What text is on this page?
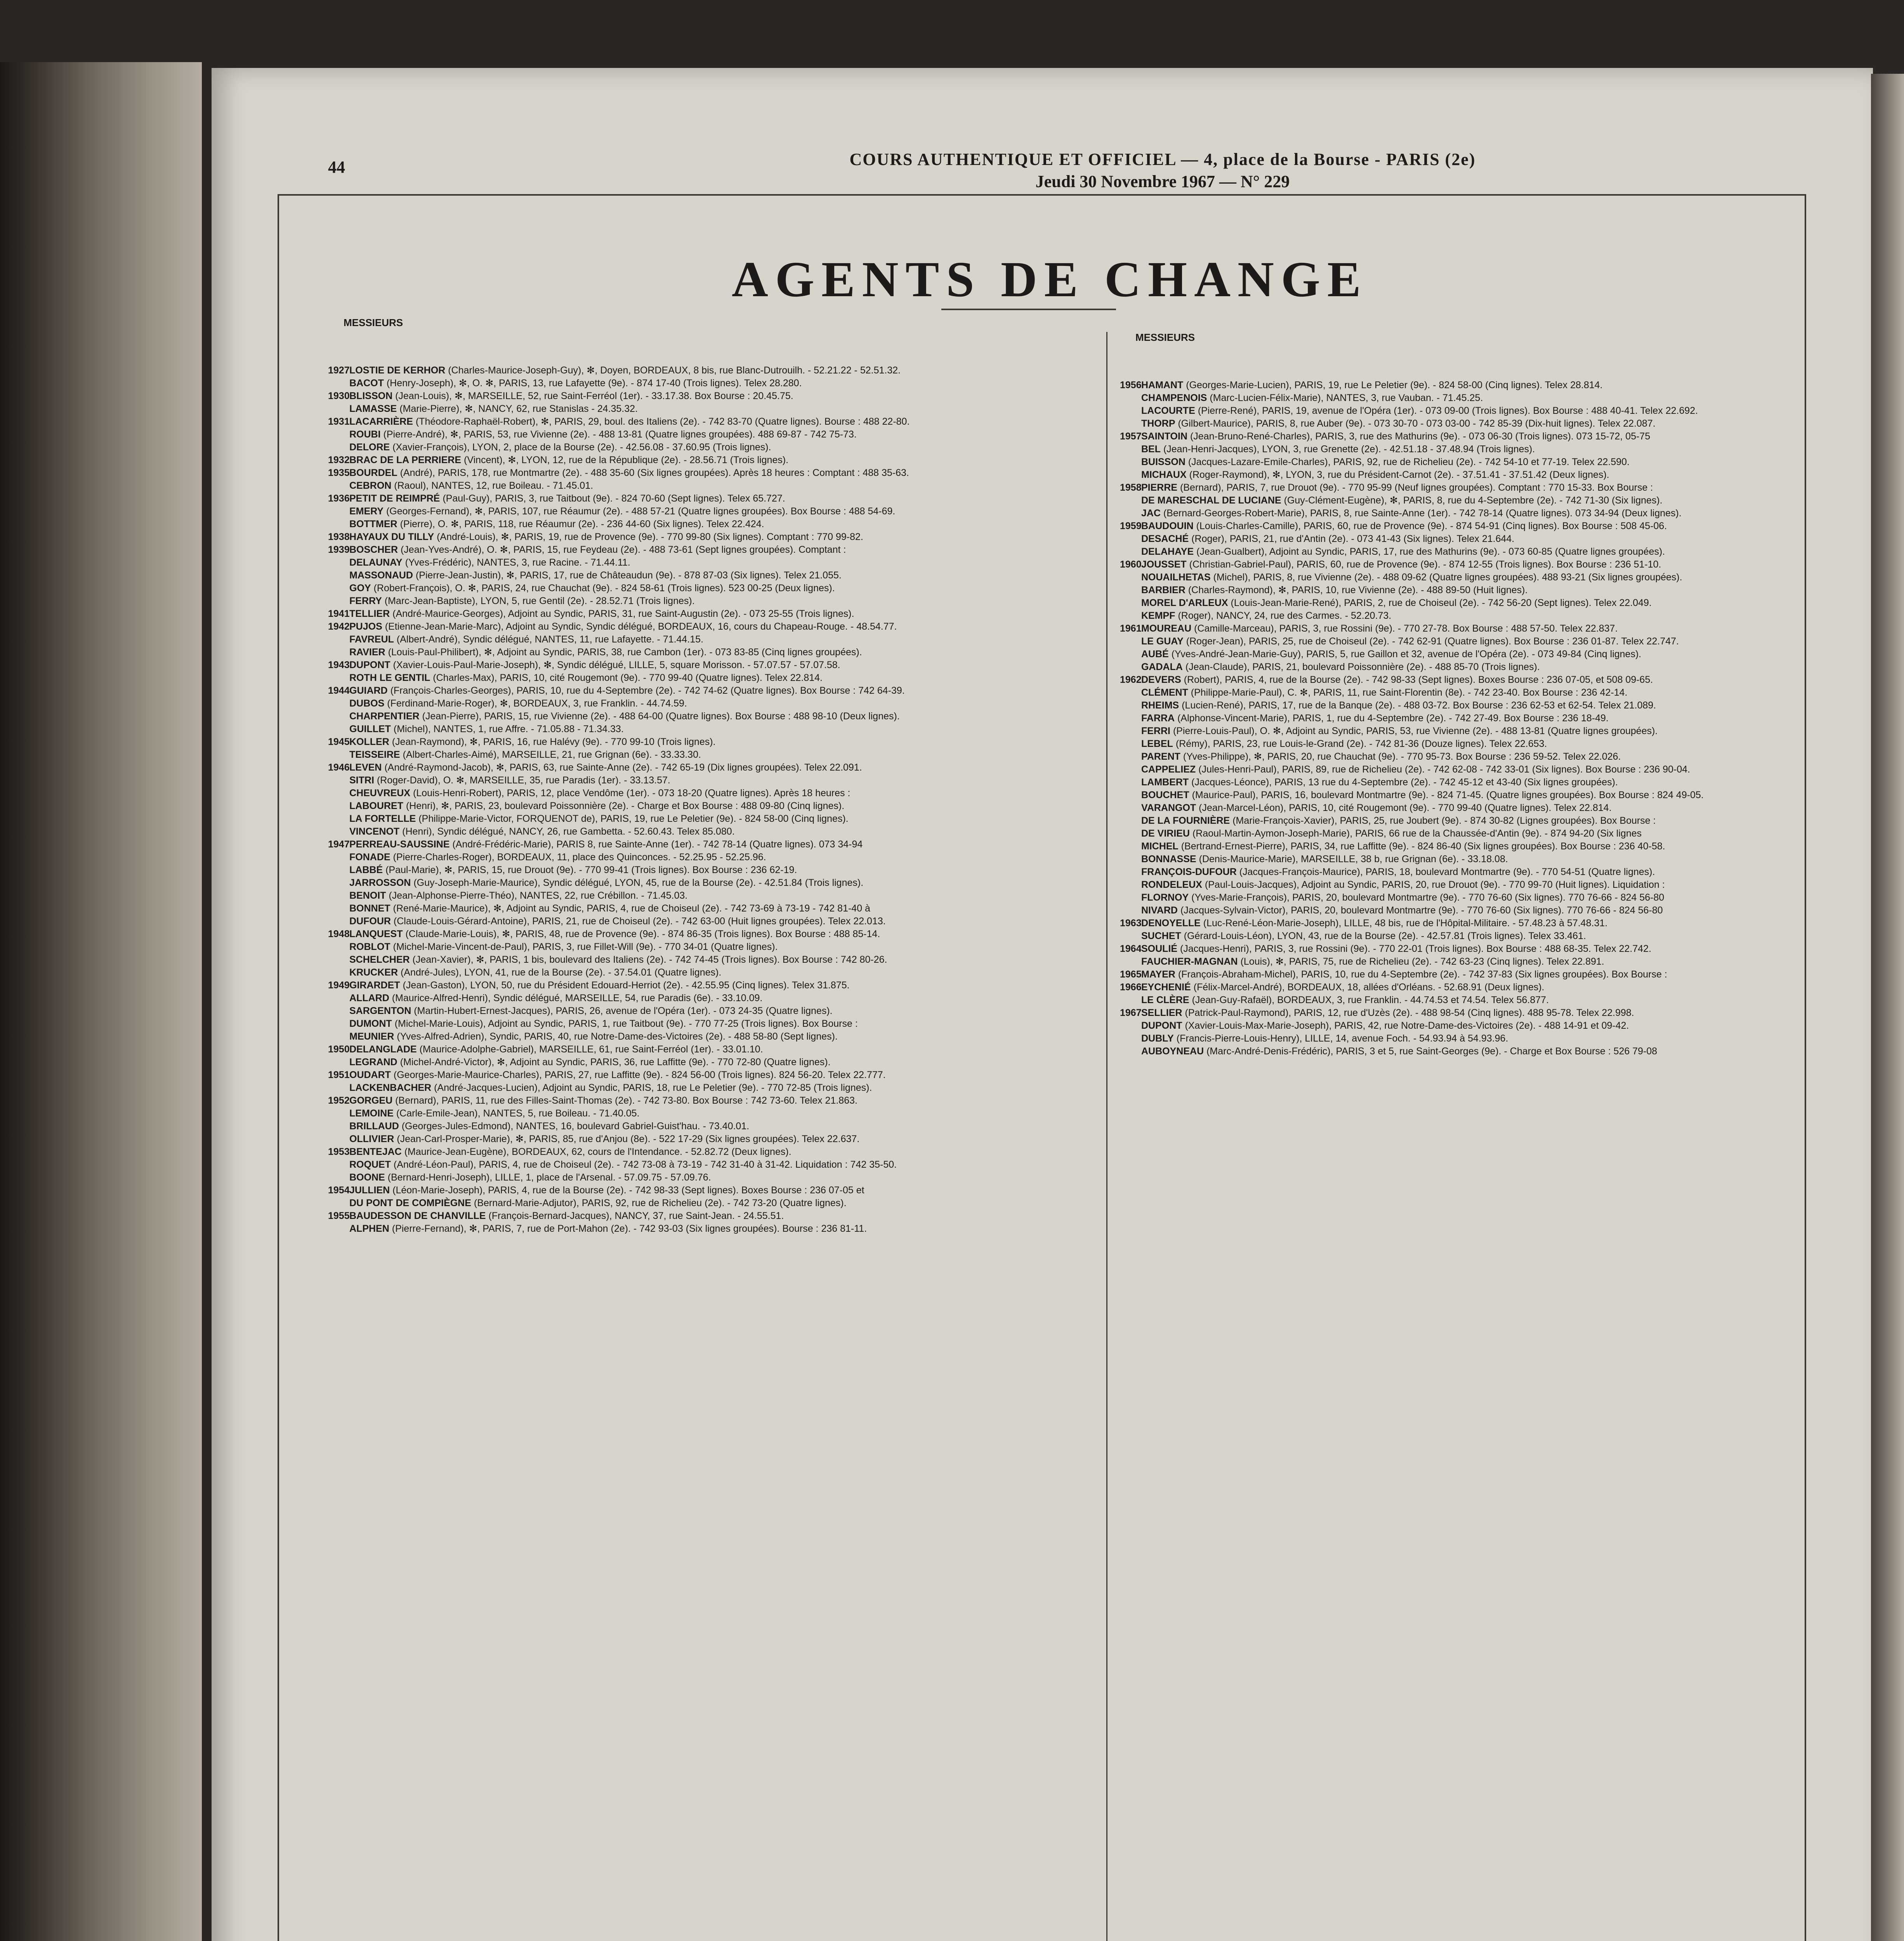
44	COURS AUTHENTIQUE ET OFFICIEL — 4, place de la Bourse - PARIS (2e)
Jeudi 30 Novembre 1967 — N° 229
AGENTS DE CHANGE
MESSIEURS
1927 LOSTIE DE KERHOR (Charles-Maurice-Joseph-Guy), ✻, Doyen, BORDEAUX, 8 bis, rue Blanc-Dutrouilh. - 52.21.22 - 52.51.32.
BACOT (Henry-Joseph), ✻, O. ✻, PARIS, 13, rue Lafayette (9e). - 874 17-40 (Trois lignes). Telex 28.280.
1930 BLISSON (Jean-Louis), ✻, MARSEILLE, 52, rue Saint-Ferréol (1er). - 33.17.38. Box Bourse : 20.45.75.
LAMASSE (Marie-Pierre), ✻, NANCY, 62, rue Stanislas - 24.35.32.
1931 LACARRIÈRE (Théodore-Raphaël-Robert), ✻, PARIS, 29, boul. des Italiens (2e). - 742 83-70 (Quatre lignes). Bourse : 488 22-80.
ROUBI (Pierre-André), ✻, PARIS, 53, rue Vivienne (2e). - 488 13-81 (Quatre lignes groupées). 488 69-87 - 742 75-73.
DELORE (Xavier-François), LYON, 2, place de la Bourse (2e). - 42.56.08 - 37.60.95 (Trois lignes).
1932 BRAC DE LA PERRIERE (Vincent), ✻, LYON, 12, rue de la République (2e). - 28.56.71 (Trois lignes).
1935 BOURDEL (André), PARIS, 178, rue Montmartre (2e). - 488 35-60 (Six lignes groupées). Après 18 heures : Comptant : 488 35-63.
CEBRON (Raoul), NANTES, 12, rue Boileau. - 71.45.01.
1936 PETIT DE REIMPRÉ (Paul-Guy), PARIS, 3, rue Taitbout (9e). - 824 70-60 (Sept lignes). Telex 65.727.
EMERY (Georges-Fernand), ✻, PARIS, 107, rue Réaumur (2e). - 488 57-21 (Quatre lignes groupées). Box Bourse : 488 54-69.
BOTTMER (Pierre), O. ✻, PARIS, 118, rue Réaumur (2e). - 236 44-60 (Six lignes). Telex 22.424.
1938 HAYAUX DU TILLY (André-Louis), ✻, PARIS, 19, rue de Provence (9e). - 770 99-80 (Six lignes). Comptant : 770 99-82.
1939 BOSCHER (Jean-Yves-André), O. ✻, PARIS, 15, rue Feydeau (2e). - 488 73-61 (Sept lignes groupées). Comptant :
DELAUNAY (Yves-Frédéric), NANTES, 3, rue Racine. - 71.44.11.
MASSONAUD (Pierre-Jean-Justin), ✻, PARIS, 17, rue de Châteaudun (9e). - 878 87-03 (Six lignes). Telex 21.055.
GOY (Robert-François), O. ✻, PARIS, 24, rue Chauchat (9e). - 824 58-61 (Trois lignes). 523 00-25 (Deux lignes).
FERRY (Marc-Jean-Baptiste), LYON, 5, rue Gentil (2e). - 28.52.71 (Trois lignes).
1941 TELLIER (André-Maurice-Georges), Adjoint au Syndic, PARIS, 31, rue Saint-Augustin (2e). - 073 25-55 (Trois lignes).
1942 PUJOS (Etienne-Jean-Marie-Marc), Adjoint au Syndic, Syndic délégué, BORDEAUX, 16, cours du Chapeau-Rouge. - 48.54.77.
FAVREUL (Albert-André), Syndic délégué, NANTES, 11, rue Lafayette. - 71.44.15.
RAVIER (Louis-Paul-Philibert), ✻, Adjoint au Syndic, PARIS, 38, rue Cambon (1er). - 073 83-85 (Cinq lignes groupées).
1943 DUPONT (Xavier-Louis-Paul-Marie-Joseph), ✻, Syndic délégué, LILLE, 5, square Morisson. - 57.07.57 - 57.07.58.
ROTH LE GENTIL (Charles-Max), PARIS, 10, cité Rougemont (9e). - 770 99-40 (Quatre lignes). Telex 22.814.
1944 GUIARD (François-Charles-Georges), PARIS, 10, rue du 4-Septembre (2e). - 742 74-62 (Quatre lignes). Box Bourse : 742 64-39.
DUBOS (Ferdinand-Marie-Roger), ✻, BORDEAUX, 3, rue Franklin. - 44.74.59.
CHARPENTIER (Jean-Pierre), PARIS, 15, rue Vivienne (2e). - 488 64-00 (Quatre lignes). Box Bourse : 488 98-10 (Deux lignes).
GUILLET (Michel), NANTES, 1, rue Affre. - 71.05.88 - 71.34.33.
1945 KOLLER (Jean-Raymond), ✻, PARIS, 16, rue Halévy (9e). - 770 99-10 (Trois lignes).
TEISSEIRE (Albert-Charles-Aimé), MARSEILLE, 21, rue Grignan (6e). - 33.33.30.
1946 LEVEN (André-Raymond-Jacob), ✻, PARIS, 63, rue Sainte-Anne (2e). - 742 65-19 (Dix lignes groupées). Telex 22.091.
SITRI (Roger-David), O. ✻, MARSEILLE, 35, rue Paradis (1er). - 33.13.57.
CHEUVREUX (Louis-Henri-Robert), PARIS, 12, place Vendôme (1er). - 073 18-20 (Quatre lignes). Après 18 heures :
LABOURET (Henri), ✻, PARIS, 23, boulevard Poissonnière (2e). - Charge et Box Bourse : 488 09-80 (Cinq lignes).
LA FORTELLE (Philippe-Marie-Victor, FORQUENOT de), PARIS, 19, rue Le Peletier (9e). - 824 58-00 (Cinq lignes).
VINCENOT (Henri), Syndic délégué, NANCY, 26, rue Gambetta. - 52.60.43. Telex 85.080.
1947 PERREAU-SAUSSINE (André-Frédéric-Marie), PARIS 8, rue Sainte-Anne (1er). - 742 78-14 (Quatre lignes). 073 34-94
FONADE (Pierre-Charles-Roger), BORDEAUX, 11, place des Quinconces. - 52.25.95 - 52.25.96.
LABBÉ (Paul-Marie), ✻, PARIS, 15, rue Drouot (9e). - 770 99-41 (Trois lignes). Box Bourse : 236 62-19.
JARROSSON (Guy-Joseph-Marie-Maurice), Syndic délégué, LYON, 45, rue de la Bourse (2e). - 42.51.84 (Trois lignes).
BENOIT (Jean-Alphonse-Pierre-Théo), NANTES, 22, rue Crébillon. - 71.45.03.
BONNET (René-Marie-Maurice), ✻, Adjoint au Syndic, PARIS, 4, rue de Choiseul (2e). - 742 73-69 à 73-19 - 742 81-40 à
DUFOUR (Claude-Louis-Gérard-Antoine), PARIS, 21, rue de Choiseul (2e). - 742 63-00 (Huit lignes groupées). Telex 22.013.
1948 LANQUEST (Claude-Marie-Louis), ✻, PARIS, 48, rue de Provence (9e). - 874 86-35 (Trois lignes). Box Bourse : 488 85-14.
ROBLOT (Michel-Marie-Vincent-de-Paul), PARIS, 3, rue Fillet-Will (9e). - 770 34-01 (Quatre lignes).
SCHELCHER (Jean-Xavier), ✻, PARIS, 1 bis, boulevard des Italiens (2e). - 742 74-45 (Trois lignes). Box Bourse : 742 80-26.
KRUCKER (André-Jules), LYON, 41, rue de la Bourse (2e). - 37.54.01 (Quatre lignes).
1949 GIRARDET (Jean-Gaston), LYON, 50, rue du Président Edouard-Herriot (2e). - 42.55.95 (Cinq lignes). Telex 31.875.
ALLARD (Maurice-Alfred-Henri), Syndic délégué, MARSEILLE, 54, rue Paradis (6e). - 33.10.09.
SARGENTON (Martin-Hubert-Ernest-Jacques), PARIS, 26, avenue de l'Opéra (1er). - 073 24-35 (Quatre lignes).
DUMONT (Michel-Marie-Louis), Adjoint au Syndic, PARIS, 1, rue Taitbout (9e). - 770 77-25 (Trois lignes). Box Bourse :
MEUNIER (Yves-Alfred-Adrien), Syndic, PARIS, 40, rue Notre-Dame-des-Victoires (2e). - 488 58-80 (Sept lignes).
1950 DELANGLADE (Maurice-Adolphe-Gabriel), MARSEILLE, 61, rue Saint-Ferréol (1er). - 33.01.10.
LEGRAND (Michel-André-Victor), ✻, Adjoint au Syndic, PARIS, 36, rue Laffitte (9e). - 770 72-80 (Quatre lignes).
1951 OUDART (Georges-Marie-Maurice-Charles), PARIS, 27, rue Laffitte (9e). - 824 56-00 (Trois lignes). 824 56-20. Telex 22.777.
LACKENBACHER (André-Jacques-Lucien), Adjoint au Syndic, PARIS, 18, rue Le Peletier (9e). - 770 72-85 (Trois lignes).
1952 GORGEU (Bernard), PARIS, 11, rue des Filles-Saint-Thomas (2e). - 742 73-80. Box Bourse : 742 73-60. Telex 21.863.
LEMOINE (Carle-Emile-Jean), NANTES, 5, rue Boileau. - 71.40.05.
BRILLAUD (Georges-Jules-Edmond), NANTES, 16, boulevard Gabriel-Guist'hau. - 73.40.01.
OLLIVIER (Jean-Carl-Prosper-Marie), ✻, PARIS, 85, rue d'Anjou (8e). - 522 17-29 (Six lignes groupées). Telex 22.637.
1953 BENTEJAC (Maurice-Jean-Eugène), BORDEAUX, 62, cours de l'Intendance. - 52.82.72 (Deux lignes).
ROQUET (André-Léon-Paul), PARIS, 4, rue de Choiseul (2e). - 742 73-08 à 73-19 - 742 31-40 à 31-42. Liquidation : 742 35-50.
BOONE (Bernard-Henri-Joseph), LILLE, 1, place de l'Arsenal. - 57.09.75 - 57.09.76.
1954 JULLIEN (Léon-Marie-Joseph), PARIS, 4, rue de la Bourse (2e). - 742 98-33 (Sept lignes). Boxes Bourse : 236 07-05 et
DU PONT DE COMPIÈGNE (Bernard-Marie-Adjutor), PARIS, 92, rue de Richelieu (2e). - 742 73-20 (Quatre lignes).
1955 BAUDESSON DE CHANVILLE (François-Bernard-Jacques), NANCY, 37, rue Saint-Jean. - 24.55.51.
ALPHEN (Pierre-Fernand), ✻, PARIS, 7, rue de Port-Mahon (2e). - 742 93-03 (Six lignes groupées). Bourse : 236 81-11.
MESSIEURS
1956 HAMANT (Georges-Marie-Lucien), PARIS, 19, rue Le Peletier (9e). - 824 58-00 (Cinq lignes). Telex 28.814.
CHAMPENOIS (Marc-Lucien-Félix-Marie), NANTES, 3, rue Vauban. - 71.45.25.
LACOURTE (Pierre-René), PARIS, 19, avenue de l'Opéra (1er). - 073 09-00 (Trois lignes). Box Bourse : 488 40-41. Telex 22.692.
THORP (Gilbert-Maurice), PARIS, 8, rue Auber (9e). - 073 30-70 - 073 03-00 - 742 85-39 (Dix-huit lignes). Telex 22.087.
1957 SAINTOIN (Jean-Bruno-René-Charles), PARIS, 3, rue des Mathurins (9e). - 073 06-30 (Trois lignes). 073 15-72, 05-75
BEL (Jean-Henri-Jacques), LYON, 3, rue Grenette (2e). - 42.51.18 - 37.48.94 (Trois lignes).
BUISSON (Jacques-Lazare-Emile-Charles), PARIS, 92, rue de Richelieu (2e). - 742 54-10 et 77-19. Telex 22.590.
MICHAUX (Roger-Raymond), ✻, LYON, 3, rue du Président-Carnot (2e). - 37.51.41 - 37.51.42 (Deux lignes).
1958 PIERRE (Bernard), PARIS, 7, rue Drouot (9e). - 770 95-99 (Neuf lignes groupées). Comptant : 770 15-33. Box Bourse :
DE MARESCHAL DE LUCIANE (Guy-Clément-Eugène), ✻, PARIS, 8, rue du 4-Septembre (2e). - 742 71-30 (Six lignes).
JAC (Bernard-Georges-Robert-Marie), PARIS, 8, rue Sainte-Anne (1er). - 742 78-14 (Quatre lignes). 073 34-94 (Deux lignes).
1959 BAUDOUIN (Louis-Charles-Camille), PARIS, 60, rue de Provence (9e). - 874 54-91 (Cinq lignes). Box Bourse : 508 45-06.
DESACHÉ (Roger), PARIS, 21, rue d'Antin (2e). - 073 41-43 (Six lignes). Telex 21.644.
DELAHAYE (Jean-Gualbert), Adjoint au Syndic, PARIS, 17, rue des Mathurins (9e). - 073 60-85 (Quatre lignes groupées).
1960 JOUSSET (Christian-Gabriel-Paul), PARIS, 60, rue de Provence (9e). - 874 12-55 (Trois lignes). Box Bourse : 236 51-10.
NOUAILHETAS (Michel), PARIS, 8, rue Vivienne (2e). - 488 09-62 (Quatre lignes groupées). 488 93-21 (Six lignes groupées).
BARBIER (Charles-Raymond), ✻, PARIS, 10, rue Vivienne (2e). - 488 89-50 (Huit lignes).
MOREL D'ARLEUX (Louis-Jean-Marie-René), PARIS, 2, rue de Choiseul (2e). - 742 56-20 (Sept lignes). Telex 22.049.
KEMPF (Roger), NANCY, 24, rue des Carmes. - 52.20.73.
1961 MOUREAU (Camille-Marceau), PARIS, 3, rue Rossini (9e). - 770 27-78. Box Bourse : 488 57-50. Telex 22.837.
LE GUAY (Roger-Jean), PARIS, 25, rue de Choiseul (2e). - 742 62-91 (Quatre lignes). Box Bourse : 236 01-87. Telex 22.747.
AUBÉ (Yves-André-Jean-Marie-Guy), PARIS, 5, rue Gaillon et 32, avenue de l'Opéra (2e). - 073 49-84 (Cinq lignes).
GADALA (Jean-Claude), PARIS, 21, boulevard Poissonnière (2e). - 488 85-70 (Trois lignes).
1962 DEVERS (Robert), PARIS, 4, rue de la Bourse (2e). - 742 98-33 (Sept lignes). Boxes Bourse : 236 07-05, et 508 09-65.
CLÉMENT (Philippe-Marie-Paul), C. ✻, PARIS, 11, rue Saint-Florentin (8e). - 742 23-40. Box Bourse : 236 42-14.
RHEIMS (Lucien-René), PARIS, 17, rue de la Banque (2e). - 488 03-72. Box Bourse : 236 62-53 et 62-54. Telex 21.089.
FARRA (Alphonse-Vincent-Marie), PARIS, 1, rue du 4-Septembre (2e). - 742 27-49. Box Bourse : 236 18-49.
FERRI (Pierre-Louis-Paul), O. ✻, Adjoint au Syndic, PARIS, 53, rue Vivienne (2e). - 488 13-81 (Quatre lignes groupées).
LEBEL (Rémy), PARIS, 23, rue Louis-le-Grand (2e). - 742 81-36 (Douze lignes). Telex 22.653.
PARENT (Yves-Philippe), ✻, PARIS, 20, rue Chauchat (9e). - 770 95-73. Box Bourse : 236 59-52. Telex 22.026.
CAPPELIEZ (Jules-Henri-Paul), PARIS, 89, rue de Richelieu (2e). - 742 62-08 - 742 33-01 (Six lignes). Box Bourse : 236 90-04.
LAMBERT (Jacques-Léonce), PARIS, 13 rue du 4-Septembre (2e). - 742 45-12 et 43-40 (Six lignes groupées).
BOUCHET (Maurice-Paul), PARIS, 16, boulevard Montmartre (9e). - 824 71-45. (Quatre lignes groupées). Box Bourse : 824 49-05.
VARANGOT (Jean-Marcel-Léon), PARIS, 10, cité Rougemont (9e). - 770 99-40 (Quatre lignes). Telex 22.814.
DE LA FOURNIÈRE (Marie-François-Xavier), PARIS, 25, rue Joubert (9e). - 874 30-82 (Lignes groupées). Box Bourse :
DE VIRIEU (Raoul-Martin-Aymon-Joseph-Marie), PARIS, 66 rue de la Chaussée-d'Antin (9e). - 874 94-20 (Six lignes
MICHEL (Bertrand-Ernest-Pierre), PARIS, 34, rue Laffitte (9e). - 824 86-40 (Six lignes groupées). Box Bourse : 236 40-58.
BONNASSE (Denis-Maurice-Marie), MARSEILLE, 38 b, rue Grignan (6e). - 33.18.08.
FRANÇOIS-DUFOUR (Jacques-François-Maurice), PARIS, 18, boulevard Montmartre (9e). - 770 54-51 (Quatre lignes).
RONDELEUX (Paul-Louis-Jacques), Adjoint au Syndic, PARIS, 20, rue Drouot (9e). - 770 99-70 (Huit lignes). Liquidation :
FLORNOY (Yves-Marie-François), PARIS, 20, boulevard Montmartre (9e). - 770 76-60 (Six lignes). 770 76-66 - 824 56-80
NIVARD (Jacques-Sylvain-Victor), PARIS, 20, boulevard Montmartre (9e). - 770 76-60 (Six lignes). 770 76-66 - 824 56-80
1963 DENOYELLE (Luc-René-Léon-Marie-Joseph), LILLE, 48 bis, rue de l'Hôpital-Militaire. - 57.48.23 à 57.48.31.
SUCHET (Gérard-Louis-Léon), LYON, 43, rue de la Bourse (2e). - 42.57.81 (Trois lignes). Telex 33.461.
1964 SOULIÉ (Jacques-Henri), PARIS, 3, rue Rossini (9e). - 770 22-01 (Trois lignes). Box Bourse : 488 68-35. Telex 22.742.
FAUCHIER-MAGNAN (Louis), ✻, PARIS, 75, rue de Richelieu (2e). - 742 63-23 (Cinq lignes). Telex 22.891.
1965 MAYER (François-Abraham-Michel), PARIS, 10, rue du 4-Septembre (2e). - 742 37-83 (Six lignes groupées). Box Bourse :
1966 EYCHENIÉ (Félix-Marcel-André), BORDEAUX, 18, allées d'Orléans. - 52.68.91 (Deux lignes).
LE CLÈRE (Jean-Guy-Rafaël), BORDEAUX, 3, rue Franklin. - 44.74.53 et 74.54. Telex 56.877.
1967 SELLIER (Patrick-Paul-Raymond), PARIS, 12, rue d'Uzès (2e). - 488 98-54 (Cinq lignes). 488 95-78. Telex 22.998.
DUPONT (Xavier-Louis-Max-Marie-Joseph), PARIS, 42, rue Notre-Dame-des-Victoires (2e). - 488 14-91 et 09-42.
DUBLY (Francis-Pierre-Louis-Henry), LILLE, 14, avenue Foch. - 54.93.94 à 54.93.96.
AUBOYNEAU (Marc-André-Denis-Frédéric), PARIS, 3 et 5, rue Saint-Georges (9e). - Charge et Box Bourse : 526 79-08
